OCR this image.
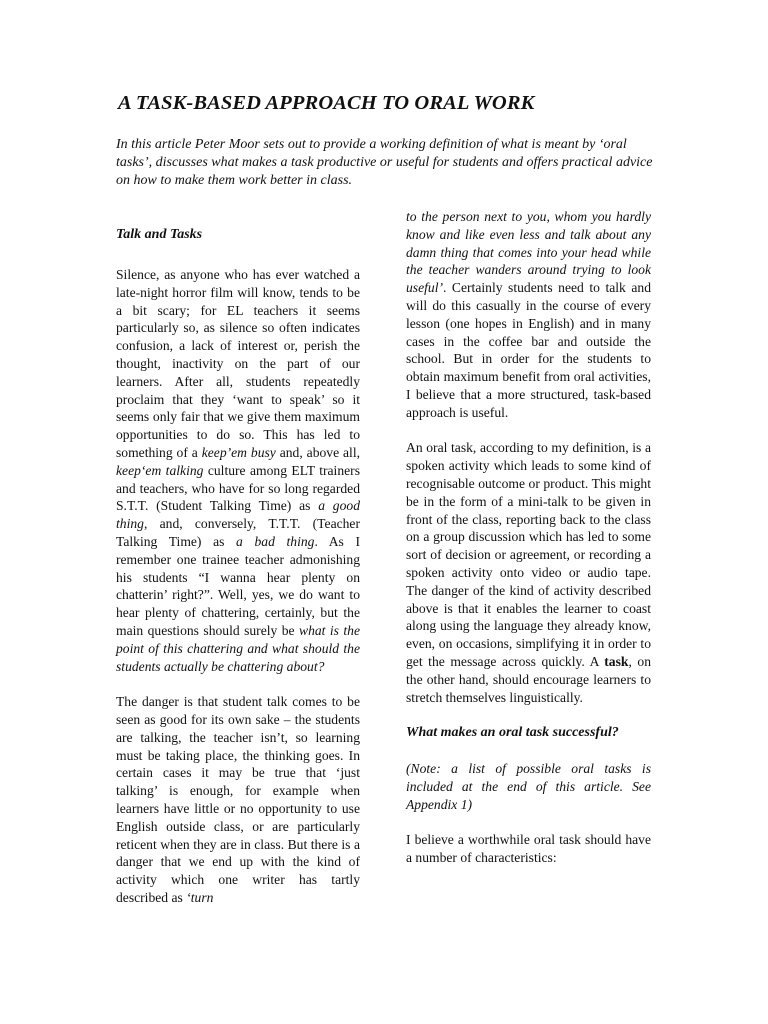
A TASK-BASED APPROACH TO ORAL WORK

In this article Peter Moor sets out to provide a working definition of what is meant by ‘oral tasks’, discusses what makes a task productive or useful for students and offers practical advice on how to make them work better in class.

Talk and Tasks

Silence, as anyone who has ever watched a late-night horror film will know, tends to be a bit scary; for EL teachers it seems particularly so, as silence so often indicates confusion, a lack of interest or, perish the thought, inactivity on the part of our learners. After all, students repeatedly proclaim that they ‘want to speak’ so it seems only fair that we give them maximum opportunities to do so. This has led to something of a keep’em busy and, above all, keep‘em talking culture among ELT trainers and teachers, who have for so long regarded S.T.T. (Student Talking Time) as a good thing, and, conversely, T.T.T. (Teacher Talking Time) as a bad thing. As I remember one trainee teacher admonishing his students “I wanna hear plenty on chatterin’ right?”. Well, yes, we do want to hear plenty of chattering, certainly, but the main questions should surely be what is the point of this chattering and what should the students actually be chattering about?

The danger is that student talk comes to be seen as good for its own sake – the students are talking, the teacher isn’t, so learning must be taking place, the thinking goes. In certain cases it may be true that ‘just talking’ is enough, for example when learners have little or no opportunity to use English outside class, or are particularly reticent when they are in class. But there is a danger that we end up with the kind of activity which one writer has tartly described as ‘turn

to the person next to you, whom you hardly know and like even less and talk about any damn thing that comes into your head while the teacher wanders around trying to look useful’. Certainly students need to talk and will do this casually in the course of every lesson (one hopes in English) and in many cases in the coffee bar and outside the school. But in order for the students to obtain maximum benefit from oral activities, I believe that a more structured, task-based approach is useful.

An oral task, according to my definition, is a spoken activity which leads to some kind of recognisable outcome or product. This might be in the form of a mini-talk to be given in front of the class, reporting back to the class on a group discussion which has led to some sort of decision or agreement, or recording a spoken activity onto video or audio tape. The danger of the kind of activity described above is that it enables the learner to coast along using the language they already know, even, on occasions, simplifying it in order to get the message across quickly. A task, on the other hand, should encourage learners to stretch themselves linguistically.

What makes an oral task successful?

(Note: a list of possible oral tasks is included at the end of this article. See Appendix 1)

I believe a worthwhile oral task should have a number of characteristics:
